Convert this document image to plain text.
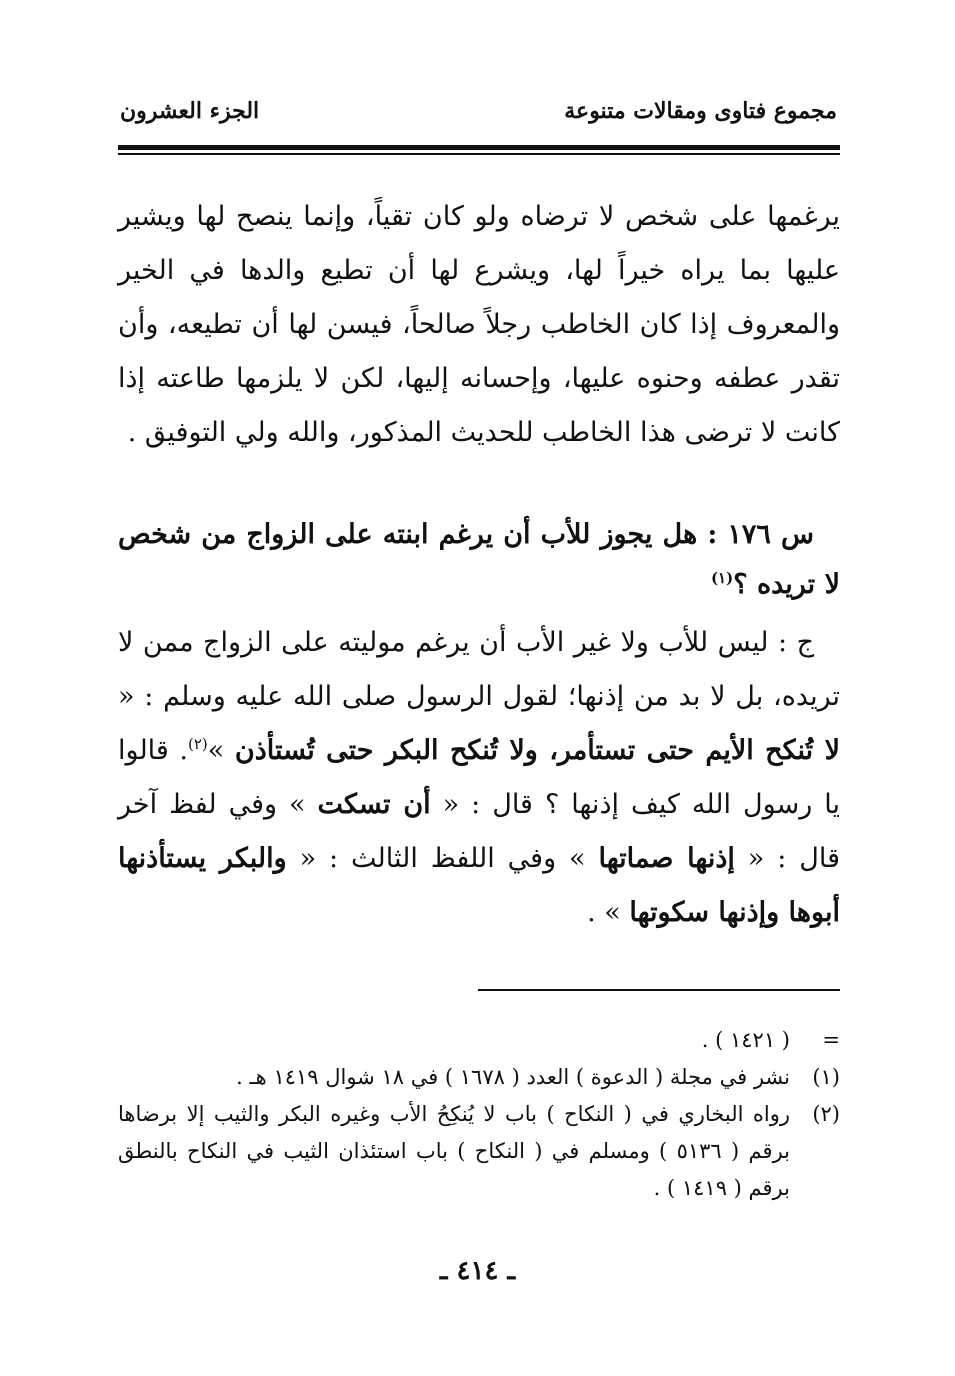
مجموع فتاوى ومقالات متنوعة
الجزء العشرون
يرغمها على شخص لا ترضاه ولو كان تقياً، وإنما ينصح لها ويشير عليها بما يراه خيراً لها، ويشرع لها أن تطيع والدها في الخير والمعروف إذا كان الخاطب رجلاً صالحاً، فيسن لها أن تطيعه، وأن تقدر عطفه وحنوه عليها، وإحسانه إليها، لكن لا يلزمها طاعته إذا كانت لا ترضى هذا الخاطب للحديث المذكور، والله ولي التوفيق .
س ١٧٦ : هل يجوز للأب أن يرغم ابنته على الزواج من شخص لا تريده ؟$^{(١)}$
ج : ليس للأب ولا غير الأب أن يرغم موليته على الزواج ممن لا تريده، بل لا بد من إذنها؛ لقول الرسول صلى الله عليه وسلم : « لا تُنكح الأيم حتى تستأمر، ولا تُنكح البكر حتى تُستأذن »$^{(٢)}$. قالوا يا رسول الله كيف إذنها ؟ قال : « أن تسكت » وفي لفظ آخر قال : « إذنها صماتها » وفي اللفظ الثالث : « والبكر يستأذنها أبوها وإذنها سكوتها » .
=
( ١٤٢١ ) .
(١)
نشر في مجلة ( الدعوة ) العدد ( ١٦٧٨ ) في ١٨ شوال ١٤١٩ هـ .
(٢)
رواه البخاري في ( النكاح ) باب لا يُنكِحُ الأب وغيره البكر والثيب إلا برضاها برقم ( ٥١٣٦ ) ومسلم في ( النكاح ) باب استئذان الثيب في النكاح بالنطق برقم ( ١٤١٩ ) .
ـ ٤١٤ ـ
